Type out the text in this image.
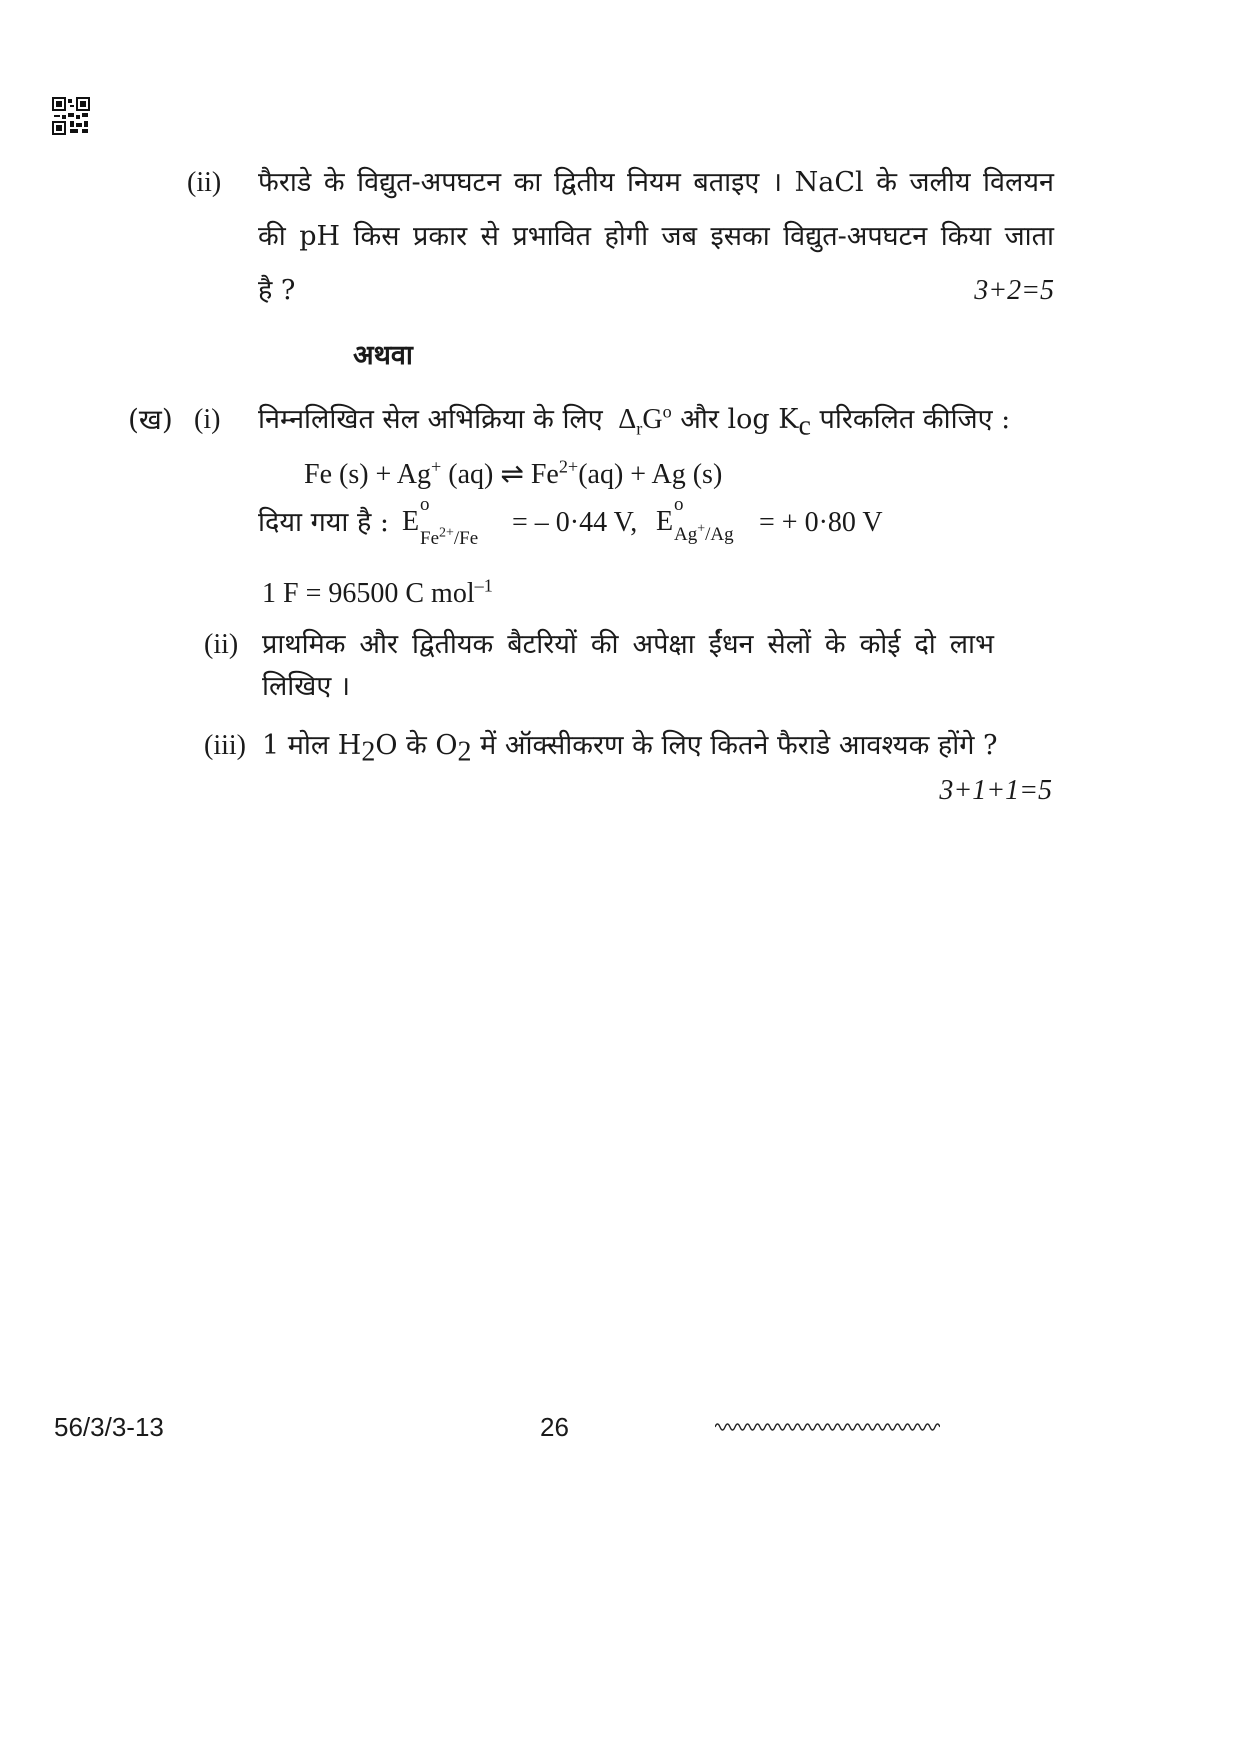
(ii) फैराडे के विद्युत-अपघटन का द्वितीय नियम बताइए । NaCl के जलीय विलयन
की pH किस प्रकार से प्रभावित होगी जब इसका विद्युत-अपघटन किया जाता
है ?	3+2=5
अथवा
(ख) (i) निम्नलिखित सेल अभिक्रिया के लिए $\Delta_rG^o$ और $\log K_c$ परिकलित कीजिए :
Fe (s) + Ag+ (aq) ⇌ $Fe^{2+}(aq) + Ag$ (s)
दिया गया है : E
o
$Fe^{2+}/Fe$
= – 0·44 V, E
o
Ag+/Ag = + 0·80 V
1 F = 96500 C mol$^{-1}$
(ii) प्राथमिक और द्वितीयक बैटरियों की अपेक्षा ईंधन सेलों के कोई दो लाभ
लिखिए ।
(iii) 1 मोल $H_2O$ के $O_2$ में ऑक्सीकरण के लिए कितने फैराडे आवश्यक होंगे ?
3+1+1=5
56/3/3-13	26
